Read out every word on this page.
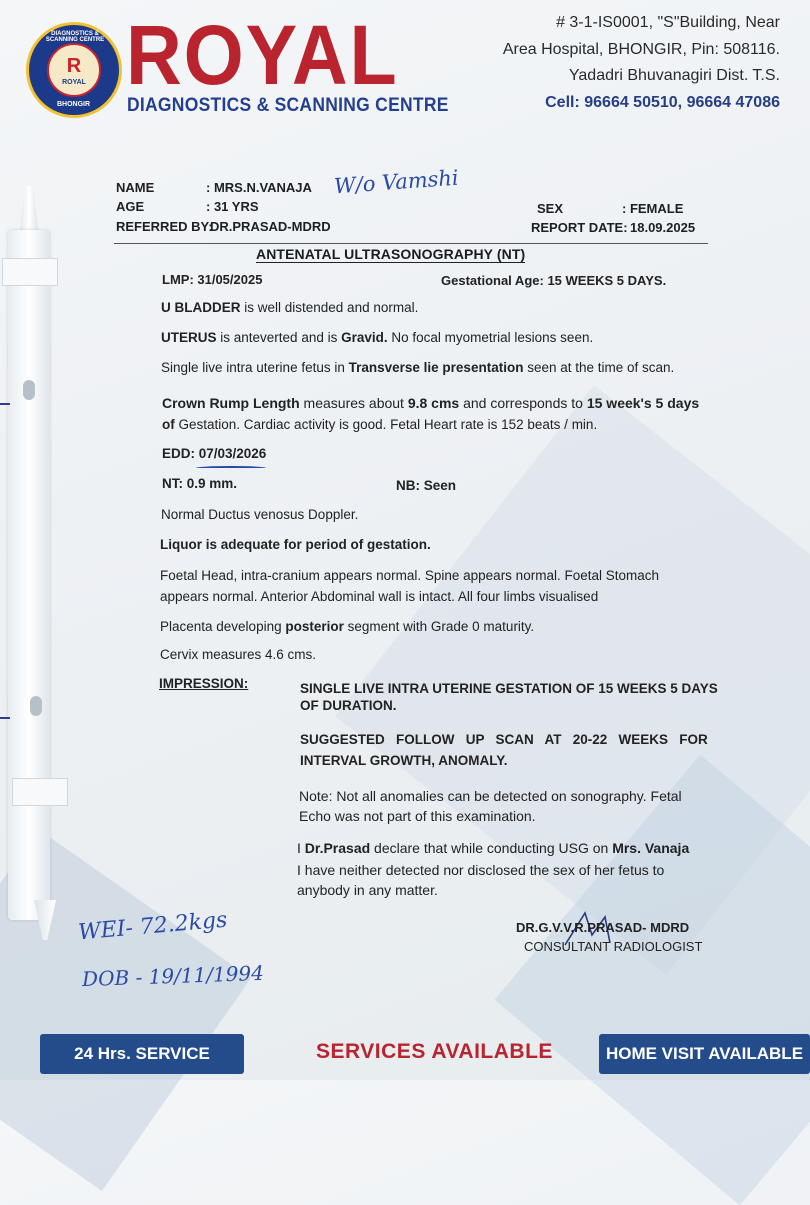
R
ROYAL
DIAGNOSTICS & SCANNING CENTRE
BHONGIR
ROYAL
DIAGNOSTICS & SCANNING CENTRE
# 3-1-IS0001, "S"Building, Near
Area Hospital, BHONGIR, Pin: 508116.
Yadadri Bhuvanagiri Dist. T.S.
Cell: 96664 50510, 96664 47086
NAME	: MRS.N.VANAJA W/o Vamshi
AGE	: 31 YRS
REFERRED BY:
DR.PRASAD-MDRD
SEX	: FEMALE
REPORT DATE: 18.09.2025
ANTENATAL ULTRASONOGRAPHY (NT)
LMP: 31/05/2025	Gestational Age: 15 WEEKS 5 DAYS.
U BLADDER is well distended and normal.
UTERUS is anteverted and is Gravid. No focal myometrial lesions seen.
Single live intra uterine fetus in Transverse lie presentation seen at the time of scan.
Crown Rump Length measures about 9.8 cms and corresponds to 15 week's 5 days
of Gestation. Cardiac activity is good. Fetal Heart rate is 152 beats / min.
EDD: 07/03/2026
NT: 0.9 mm.	NB: Seen
Normal Ductus venosus Doppler.
Liquor is adequate for period of gestation.
Foetal Head, intra-cranium appears normal. Spine appears normal. Foetal Stomach
appears normal. Anterior Abdominal wall is intact. All four limbs visualised
Placenta developing posterior segment with Grade 0 maturity.
Cervix measures 4.6 cms.
IMPRESSION:	SINGLE LIVE INTRA UTERINE GESTATION OF 15 WEEKS 5 DAYS
OF DURATION.
SUGGESTED   FOLLOW   UP   SCAN   AT   20-22   WEEKS   FOR
INTERVAL GROWTH, ANOMALY.
Note: Not all anomalies can be detected on sonography. Fetal
Echo was not part of this examination.
I Dr.Prasad declare that while conducting USG on Mrs. Vanaja
I have neither detected nor disclosed the sex of her fetus to
anybody in any matter.
DR.G.V.V.R.PRASAD- MDRD
CONSULTANT RADIOLOGIST
WEI- 72.2kgs
DOB - 19/11/1994
24 Hrs. SERVICE	SERVICES AVAILABLE	HOME VISIT AVAILABLE
